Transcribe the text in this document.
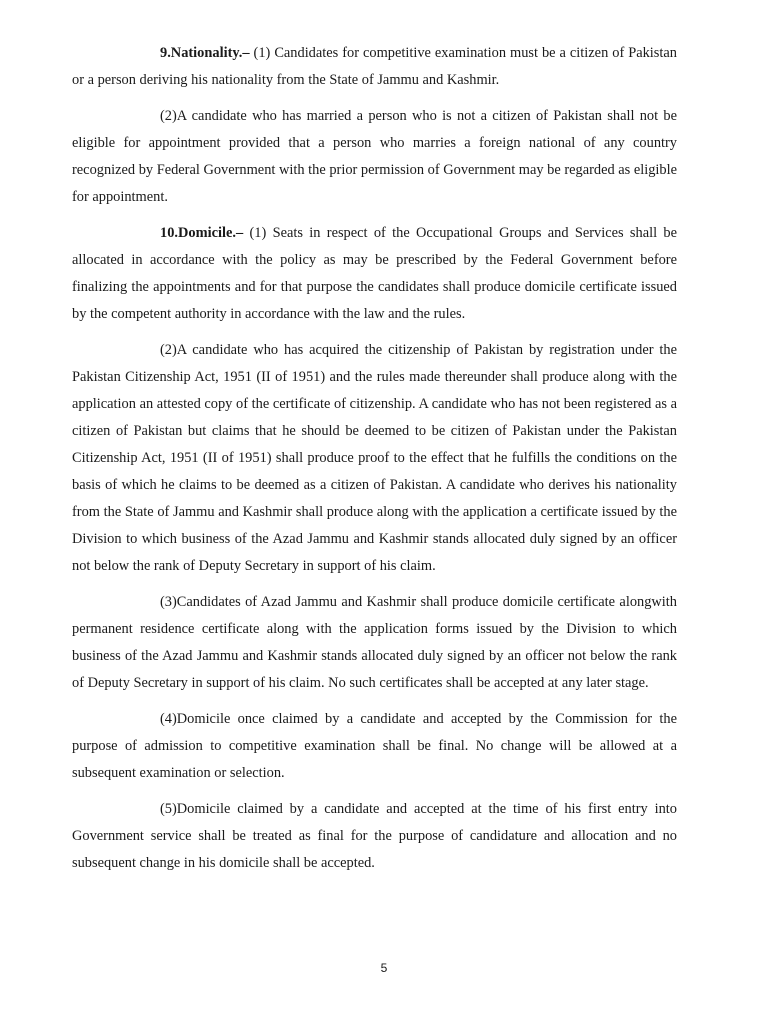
9.Nationality.– (1) Candidates for competitive examination must be a citizen of Pakistan or a person deriving his nationality from the State of Jammu and Kashmir.

(2)A candidate who has married a person who is not a citizen of Pakistan shall not be eligible for appointment provided that a person who marries a foreign national of any country recognized by Federal Government with the prior permission of Government may be regarded as eligible for appointment.

10.Domicile.– (1) Seats in respect of the Occupational Groups and Services shall be allocated in accordance with the policy as may be prescribed by the Federal Government before finalizing the appointments and for that purpose the candidates shall produce domicile certificate issued by the competent authority in accordance with the law and the rules.

(2)A candidate who has acquired the citizenship of Pakistan by registration under the Pakistan Citizenship Act, 1951 (II of 1951) and the rules made thereunder shall produce along with the application an attested copy of the certificate of citizenship. A candidate who has not been registered as a citizen of Pakistan but claims that he should be deemed to be citizen of Pakistan under the Pakistan Citizenship Act, 1951 (II of 1951) shall produce proof to the effect that he fulfills the conditions on the basis of which he claims to be deemed as a citizen of Pakistan. A candidate who derives his nationality from the State of Jammu and Kashmir shall produce along with the application a certificate issued by the Division to which business of the Azad Jammu and Kashmir stands allocated duly signed by an officer not below the rank of Deputy Secretary in support of his claim.

(3)Candidates of Azad Jammu and Kashmir shall produce domicile certificate alongwith permanent residence certificate along with the application forms issued by the Division to which business of the Azad Jammu and Kashmir stands allocated duly signed by an officer not below the rank of Deputy Secretary in support of his claim. No such certificates shall be accepted at any later stage.

(4)Domicile once claimed by a candidate and accepted by the Commission for the purpose of admission to competitive examination shall be final. No change will be allowed at a subsequent examination or selection.

(5)Domicile claimed by a candidate and accepted at the time of his first entry into Government service shall be treated as final for the purpose of candidature and allocation and no subsequent change in his domicile shall be accepted.

5
